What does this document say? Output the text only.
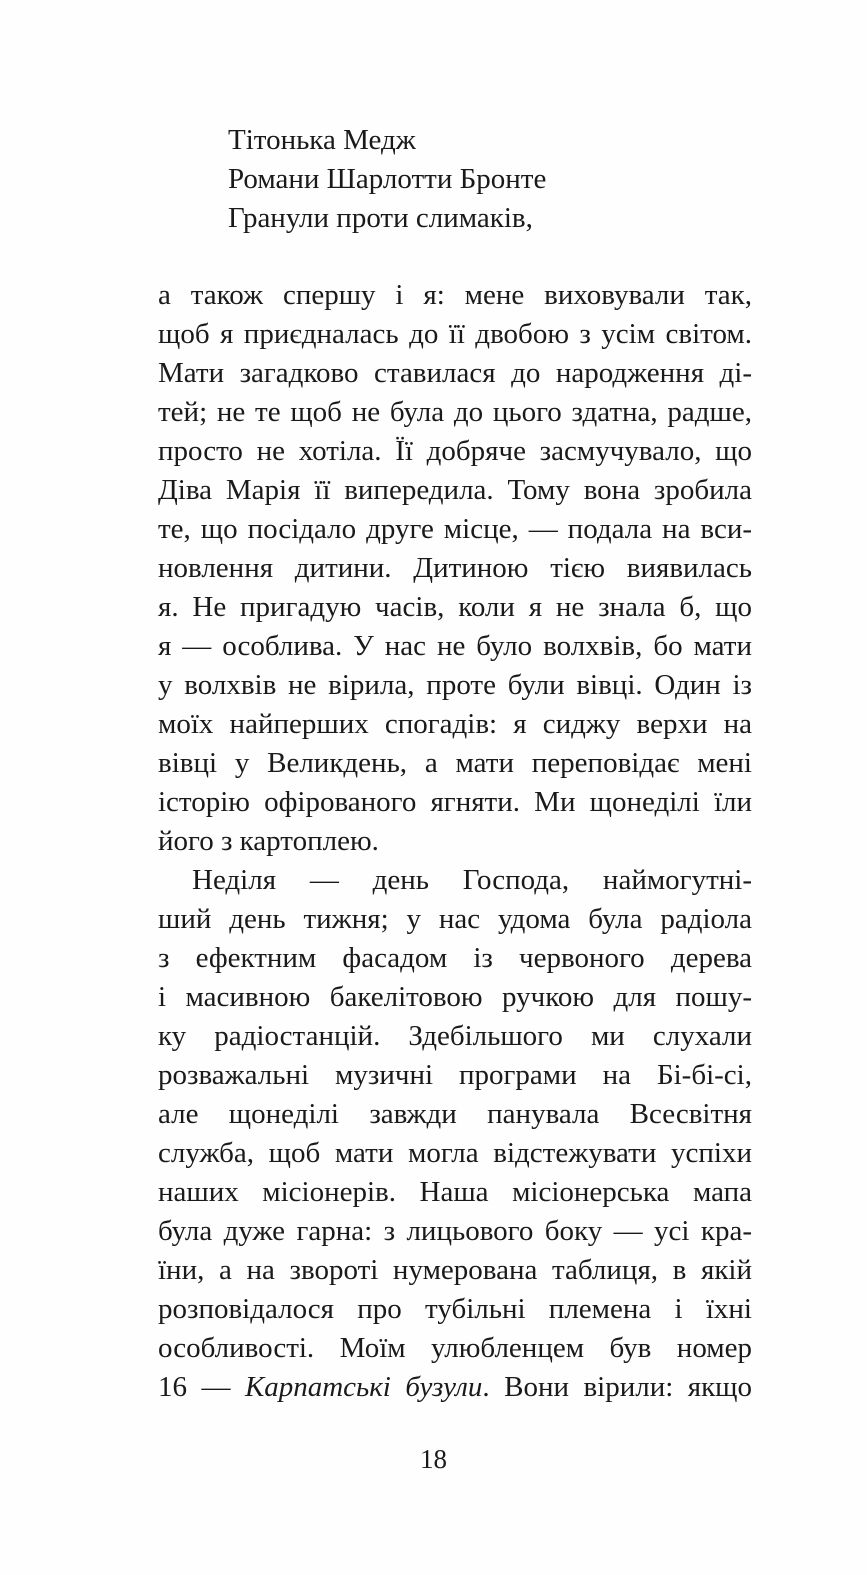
Тітонька Медж
Романи Шарлотти Бронте
Гранули проти слимаків,
а також спершу і я: мене виховували так,
щоб я приєдналась до її двобою з усім світом.
Мати загадково ставилася до народження ді-
тей; не те щоб не була до цього здатна, радше,
просто не хотіла. Її добряче засмучувало, що
Діва Марія її випередила. Тому вона зробила
те, що посідало друге місце, — подала на вси-
новлення дитини. Дитиною тією виявилась
я. Не пригадую часів, коли я не знала б, що
я — особлива. У нас не було волхвів, бо мати
у волхвів не вірила, проте були вівці. Один із
моїх найперших спогадів: я сиджу верхи на
вівці у Великдень, а мати переповідає мені
історію офірованого ягняти. Ми щонеділі їли
його з картоплею.
Неділя — день Господа, наймогутні-
ший день тижня; у нас удома була радіола
з ефектним фасадом із червоного дерева
і масивною бакелітовою ручкою для пошу-
ку радіостанцій. Здебільшого ми слухали
розважальні музичні програми на Бі-бі-сі,
але щонеділі завжди панувала Всесвітня
служба, щоб мати могла відстежувати успіхи
наших місіонерів. Наша місіонерська мапа
була дуже гарна: з лицьового боку — усі кра-
їни, а на звороті нумерована таблиця, в якій
розповідалося про тубільні племена і їхні
особливості. Моїм улюбленцем був номер
16 — Карпатські бузули. Вони вірили: якщо
18
